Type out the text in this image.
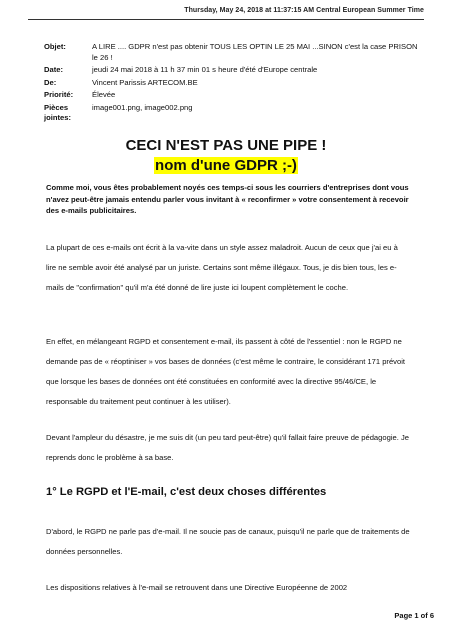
Thursday, May 24, 2018 at 11:37:15 AM Central European Summer Time
Objet:	A LIRE .... GDPR n'est pas obtenir TOUS LES OPTIN LE 25 MAI ...SINON c'est la case PRISON le 26 !
Date:	jeudi 24 mai 2018 à 11 h 37 min 01 s heure d'été d'Europe centrale
De:	Vincent Parissis ARTECOM.BE
Priorité:	Élevée
Pièces jointes:
image001.png, image002.png
CECI N'EST PAS UNE PIPE !
nom d'une GDPR ;-)
Comme moi, vous êtes probablement noyés ces temps-ci sous les courriers d'entreprises dont vous n'avez peut-être jamais entendu parler vous invitant à « reconfirmer » votre consentement à recevoir des e-mails publicitaires.
La plupart de ces e-mails ont écrit à la va-vite dans un style assez maladroit. Aucun de ceux que j'ai eu à lire ne semble avoir été analysé par un juriste. Certains sont même illégaux. Tous, je dis bien tous, les e-mails de "confirmation" qu'il m'a été donné de lire juste ici loupent complètement le coche.
En effet, en mélangeant RGPD et consentement e-mail, ils passent à côté de l'essentiel : non le RGPD ne demande pas de « réoptiniser » vos bases de données (c'est même le contraire, le considérant 171 prévoit que lorsque les bases de données ont été constituées en conformité avec la directive 95/46/CE, le responsable du traitement peut continuer à les utiliser).
Devant l'ampleur du désastre, je me suis dit (un peu tard peut-être) qu'il fallait faire preuve de pédagogie. Je reprends donc le problème à sa base.
1° Le RGPD et l'E-mail, c'est deux choses différentes
D'abord, le RGPD ne parle pas d'e-mail. Il ne soucie pas de canaux, puisqu'il ne parle que de traitements de données personnelles.
Les dispositions relatives à l'e-mail se retrouvent dans une Directive Européenne de 2002
Page 1 of 6
